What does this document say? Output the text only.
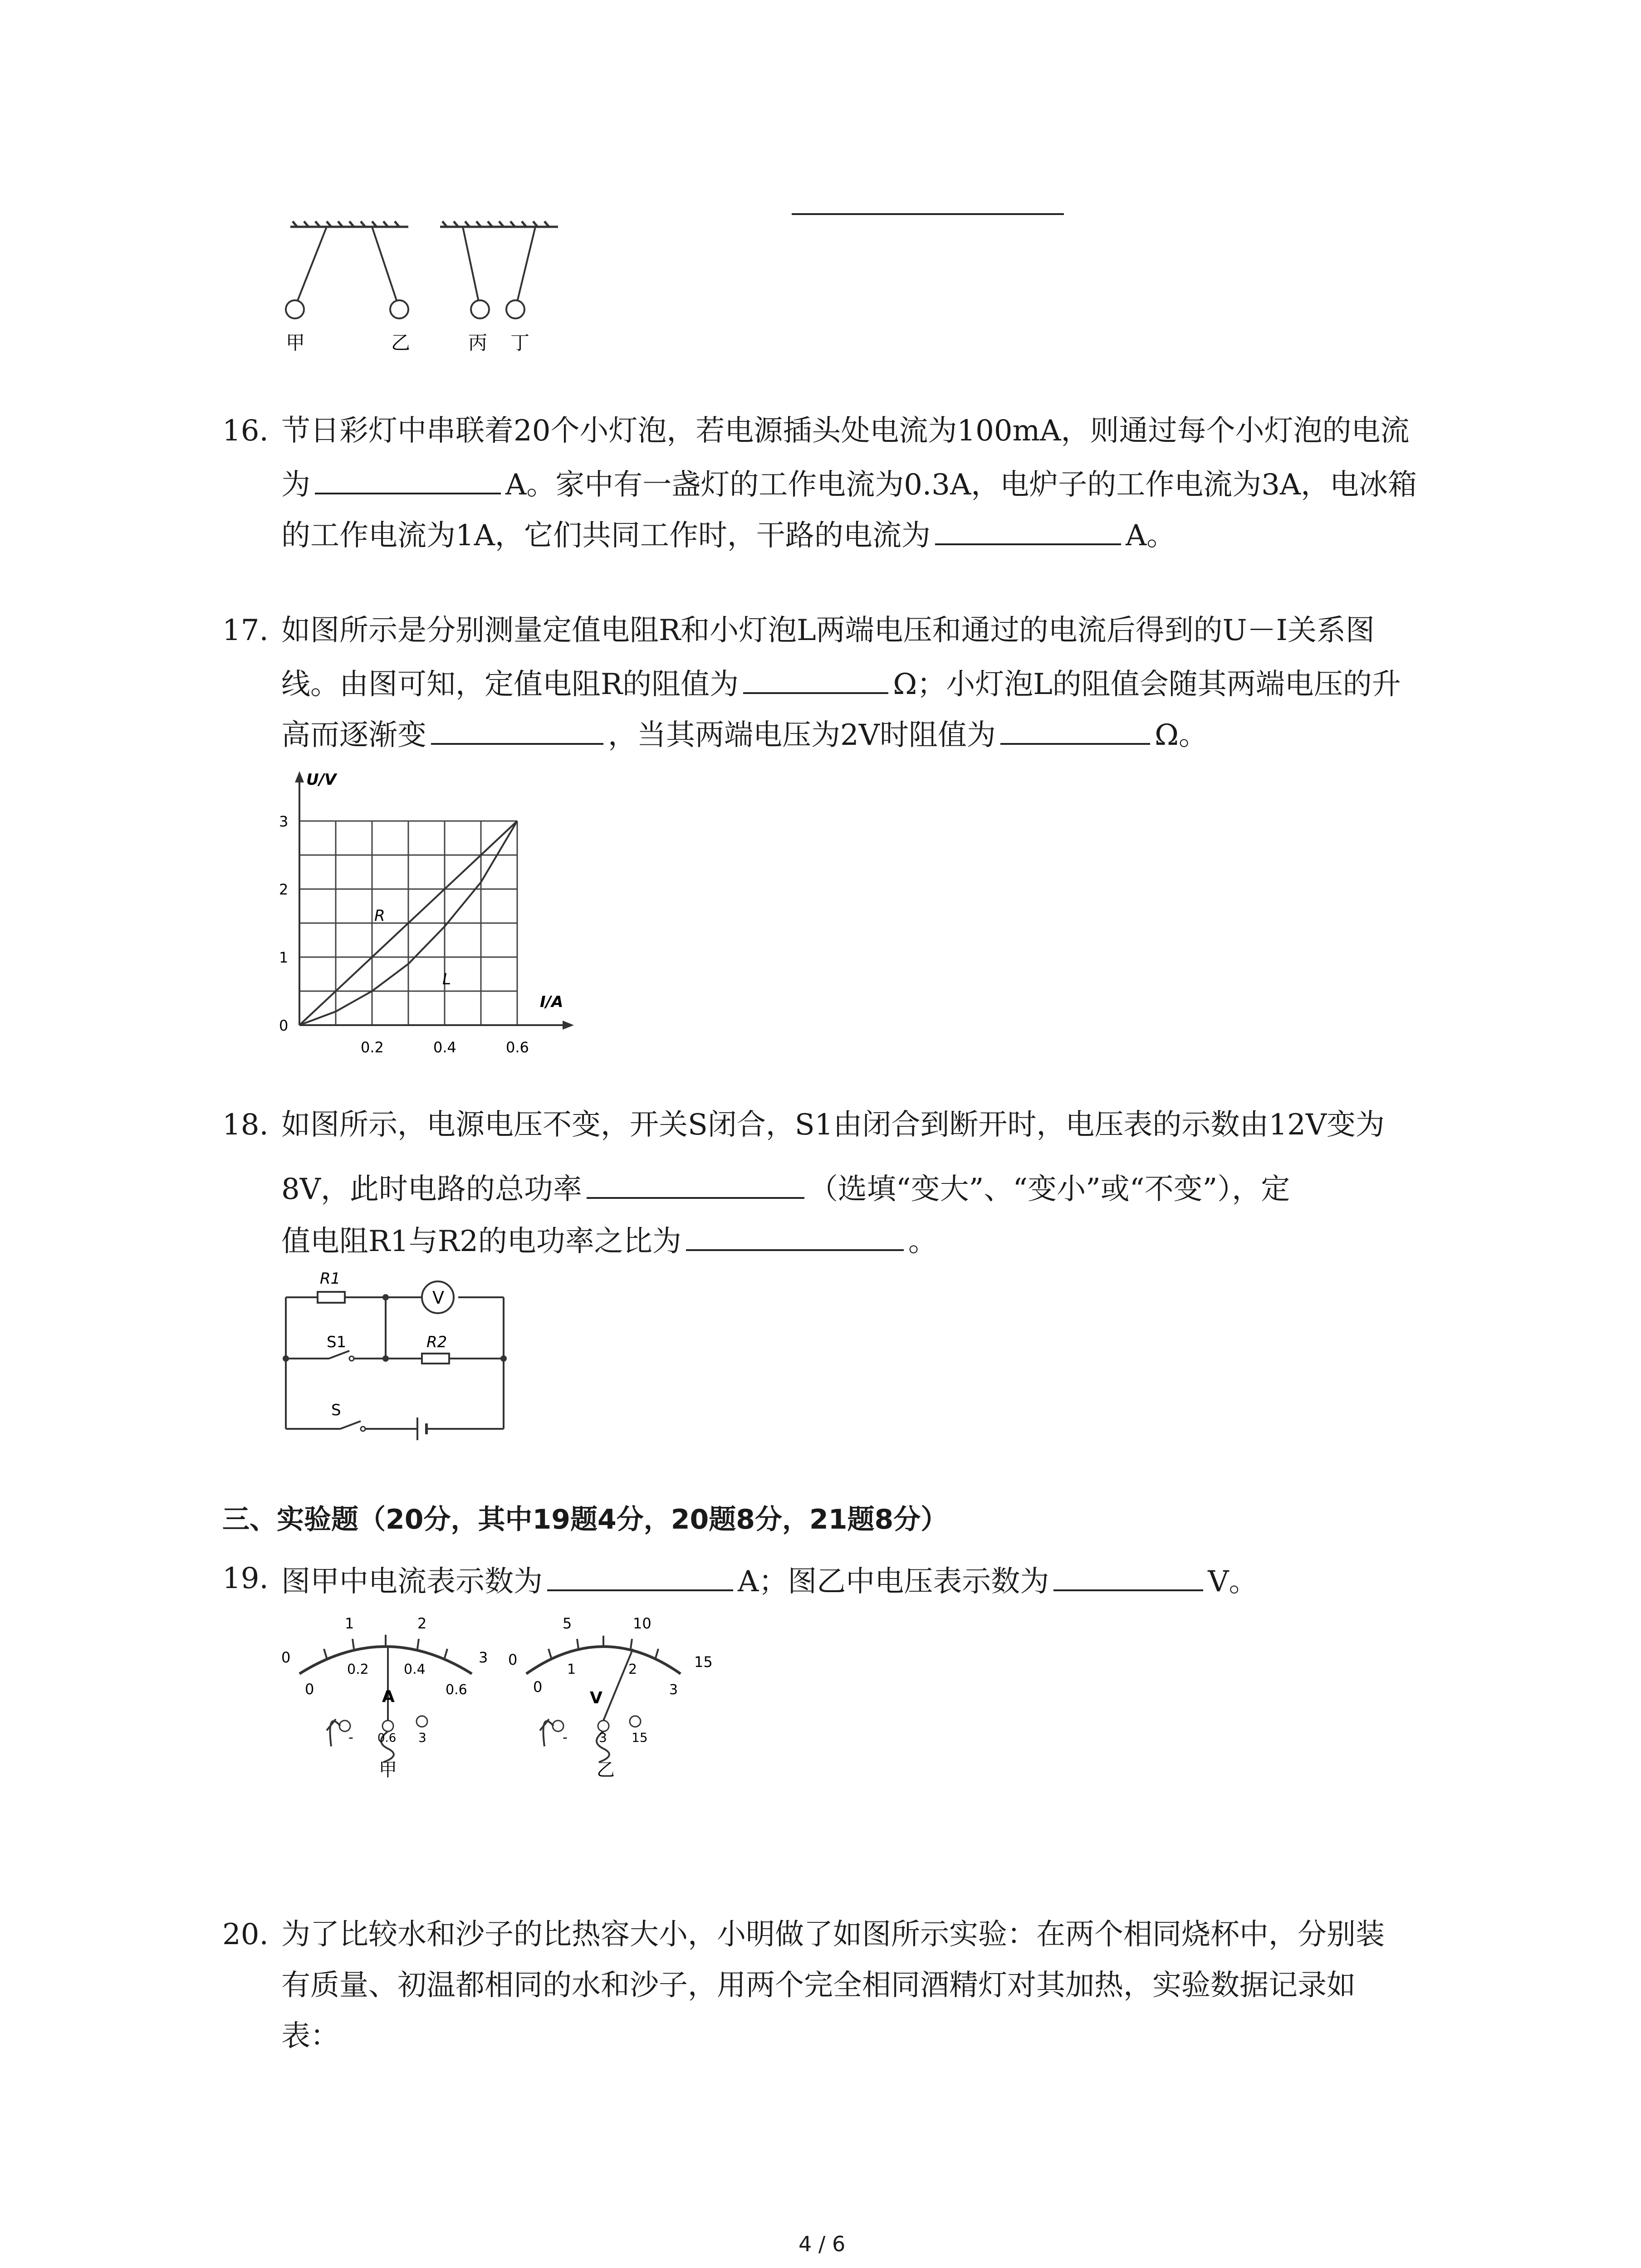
甲	乙	丙 丁
16. 节日彩灯中串联着20个小灯泡，若电源插头处电流为100mA，则通过每个小灯泡的电流
为	A。家中有一盏灯的工作电流为0.3A，电炉子的工作电流为3A，电冰箱
的工作电流为1A，它们共同工作时，干路的电流为	A。
17. 如图所示是分别测量定值电阻R和小灯泡L两端电压和通过的电流后得到的U－I关系图
线。由图可知，定值电阻R的阻值为	Ω；小灯泡L的阻值会随其两端电压的升
高而逐渐变	，当其两端电压为2V时阻值为	Ω。
R
L
0.2	0.4	0.6
0
1
2
3
I/A
U/V
18. 如图所示，电源电压不变，开关S闭合，S1由闭合到断开时，电压表的示数由12V变为
8V，此时电路的总功率	（选填“变大”、“变小”或“不变”），定
值电阻R1与R2的电功率之比为	。
V
R1
S1	R2
S
三、实验题（20分，其中19题4分，20题8分，21题8分）
19. 图甲中电流表示数为	A；图乙中电压表示数为	V。
0
1	2
3
0
0.2	0.4
0.6
A
- 0.6 3
甲
0
5	10
15
0
1	2
3
V
- 3 15
乙
20. 为了比较水和沙子的比热容大小，小明做了如图所示实验：在两个相同烧杯中，分别装
有质量、初温都相同的水和沙子，用两个完全相同酒精灯对其加热，实验数据记录如
表：
4 / 6
